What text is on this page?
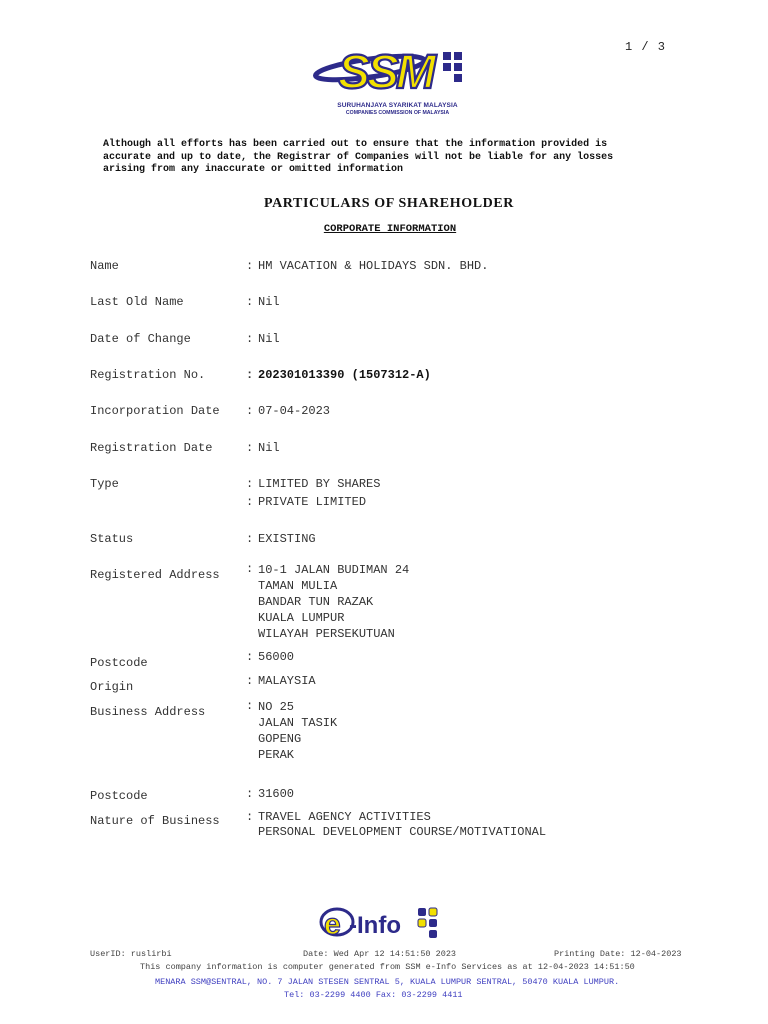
1 / 3
SSM
SURUHANJAYA SYARIKAT MALAYSIA
COMPANIES COMMISSION OF MALAYSIA
Although all efforts has been carried out to ensure that the information provided is
accurate and up to date, the Registrar of Companies will not be liable for any losses
arising from any inaccurate or omitted information
PARTICULARS OF SHAREHOLDER
CORPORATE INFORMATION
Name	: HM VACATION & HOLIDAYS SDN. BHD.
Last Old Name	: Nil
Date of Change	: Nil
Registration No.	: 202301013390 (1507312-A)
Incorporation Date : 07-04-2023
Registration Date	: Nil
Type	: LIMITED BY SHARES
: PRIVATE LIMITED
Status	: EXISTING
Registered Address : 10-1 JALAN BUDIMAN 24
TAMAN MULIA
BANDAR TUN RAZAK
KUALA LUMPUR
WILAYAH PERSEKUTUAN
Postcode	: 56000
Origin	: MALAYSIA
Business Address	: NO 25
JALAN TASIK
GOPENG
PERAK
Postcode	: 31600
Nature of Business : TRAVEL AGENCY ACTIVITIES
PERSONAL DEVELOPMENT COURSE/MOTIVATIONAL
e -Info
UserID: ruslirbi	Date: Wed Apr 12 14:51:50 2023	Printing Date: 12-04-2023
This company information is computer generated from SSM e-Info Services as at 12-04-2023 14:51:50
MENARA SSM@SENTRAL, NO. 7 JALAN STESEN SENTRAL 5, KUALA LUMPUR SENTRAL, 50470 KUALA LUMPUR.
Tel: 03-2299 4400 Fax: 03-2299 4411
